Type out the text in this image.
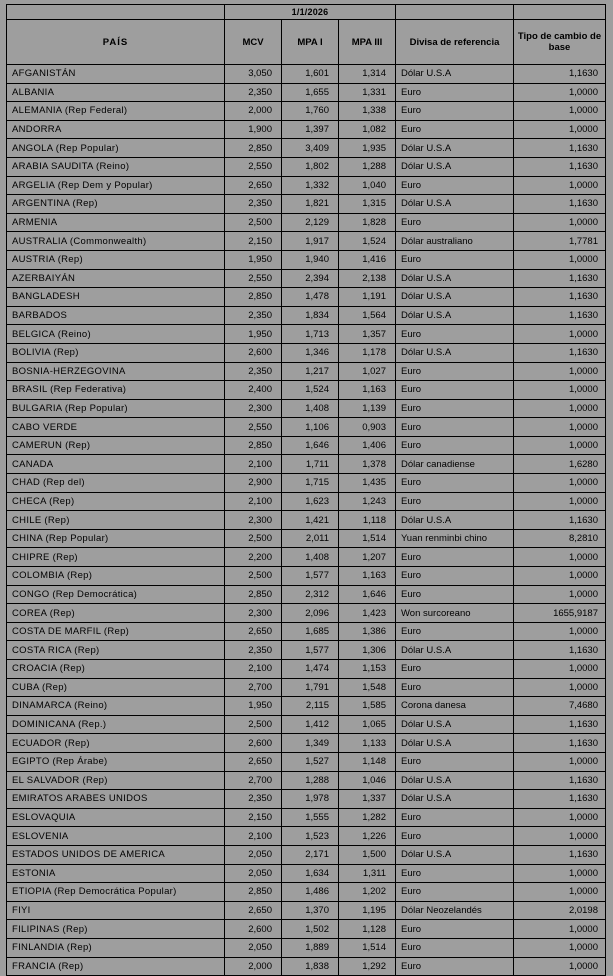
	1/1/2026				
PAÍS	MCV	MPA I	MPA III	Divisa de referencia	Tipo de cambio de base
AFGANISTÁN	3,050	1,601	1,314	Dólar U.S.A	1,1630
ALBANIA	2,350	1,655	1,331	Euro	1,0000
ALEMANIA (Rep Federal)	2,000	1,760	1,338	Euro	1,0000
ANDORRA	1,900	1,397	1,082	Euro	1,0000
ANGOLA (Rep Popular)	2,850	3,409	1,935	Dólar U.S.A	1,1630
ARABIA SAUDITA (Reino)	2,550	1,802	1,288	Dólar U.S.A	1,1630
ARGELIA (Rep Dem y Popular)	2,650	1,332	1,040	Euro	1,0000
ARGENTINA (Rep)	2,350	1,821	1,315	Dólar U.S.A	1,1630
ARMENIA	2,500	2,129	1,828	Euro	1,0000
AUSTRALIA (Commonwealth)	2,150	1,917	1,524	Dólar australiano	1,7781
AUSTRIA (Rep)	1,950	1,940	1,416	Euro	1,0000
AZERBAIYÁN	2,550	2,394	2,138	Dólar U.S.A	1,1630
BANGLADESH	2,850	1,478	1,191	Dólar U.S.A	1,1630
BARBADOS	2,350	1,834	1,564	Dólar U.S.A	1,1630
BELGICA (Reino)	1,950	1,713	1,357	Euro	1,0000
BOLIVIA (Rep)	2,600	1,346	1,178	Dólar U.S.A	1,1630
BOSNIA-HERZEGOVINA	2,350	1,217	1,027	Euro	1,0000
BRASIL (Rep Federativa)	2,400	1,524	1,163	Euro	1,0000
BULGARIA (Rep Popular)	2,300	1,408	1,139	Euro	1,0000
CABO VERDE	2,550	1,106	0,903	Euro	1,0000
CAMERUN (Rep)	2,850	1,646	1,406	Euro	1,0000
CANADA	2,100	1,711	1,378	Dólar canadiense	1,6280
CHAD (Rep del)	2,900	1,715	1,435	Euro	1,0000
CHECA (Rep)	2,100	1,623	1,243	Euro	1,0000
CHILE (Rep)	2,300	1,421	1,118	Dólar U.S.A	1,1630
CHINA (Rep Popular)	2,500	2,011	1,514	Yuan renminbi chino	8,2810
CHIPRE (Rep)	2,200	1,408	1,207	Euro	1,0000
COLOMBIA (Rep)	2,500	1,577	1,163	Euro	1,0000
CONGO (Rep Democrática)	2,850	2,312	1,646	Euro	1,0000
COREA (Rep)	2,300	2,096	1,423	Won surcoreano	1655,9187
COSTA DE MARFIL (Rep)	2,650	1,685	1,386	Euro	1,0000
COSTA RICA (Rep)	2,350	1,577	1,306	Dólar U.S.A	1,1630
CROACIA (Rep)	2,100	1,474	1,153	Euro	1,0000
CUBA (Rep)	2,700	1,791	1,548	Euro	1,0000
DINAMARCA (Reino)	1,950	2,115	1,585	Corona danesa	7,4680
DOMINICANA (Rep.)	2,500	1,412	1,065	Dólar U.S.A	1,1630
ECUADOR (Rep)	2,600	1,349	1,133	Dólar U.S.A	1,1630
EGIPTO (Rep Árabe)	2,650	1,527	1,148	Euro	1,0000
EL SALVADOR (Rep)	2,700	1,288	1,046	Dólar U.S.A	1,1630
EMIRATOS ARABES UNIDOS	2,350	1,978	1,337	Dólar U.S.A	1,1630
ESLOVAQUIA	2,150	1,555	1,282	Euro	1,0000
ESLOVENIA	2,100	1,523	1,226	Euro	1,0000
ESTADOS UNIDOS DE AMERICA	2,050	2,171	1,500	Dólar U.S.A	1,1630
ESTONIA	2,050	1,634	1,311	Euro	1,0000
ETIOPIA (Rep Democrática Popular)	2,850	1,486	1,202	Euro	1,0000
FIYI	2,650	1,370	1,195	Dólar Neozelandés	2,0198
FILIPINAS (Rep)	2,600	1,502	1,128	Euro	1,0000
FINLANDIA (Rep)	2,050	1,889	1,514	Euro	1,0000
FRANCIA (Rep)	2,000	1,838	1,292	Euro	1,0000
